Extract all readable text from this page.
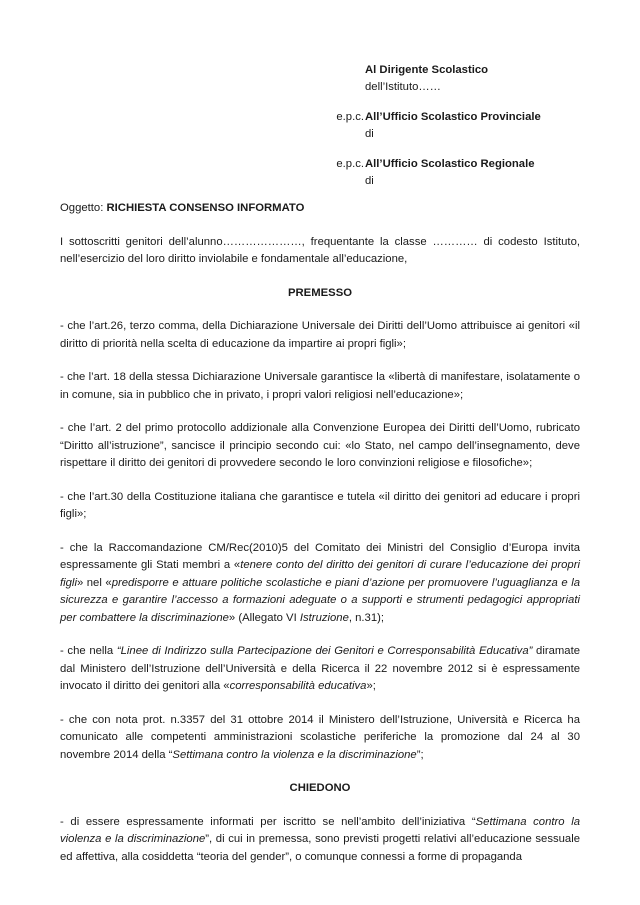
Al Dirigente Scolastico
dell’Istituto……
e.p.c. All’Ufficio Scolastico Provinciale
di
e.p.c. All’Ufficio Scolastico Regionale
di

Oggetto: RICHIESTA CONSENSO INFORMATO

I sottoscritti genitori dell’alunno…………………, frequentante la classe ………… di codesto Istituto, nell’esercizio del loro diritto inviolabile e fondamentale all’educazione,

PREMESSO

- che l’art.26, terzo comma, della Dichiarazione Universale dei Diritti dell’Uomo attribuisce ai genitori «il diritto di priorità nella scelta di educazione da impartire ai propri figli»;

- che l’art. 18 della stessa Dichiarazione Universale garantisce la «libertà di manifestare, isolatamente o in comune, sia in pubblico che in privato, i propri valori religiosi nell’educazione»;

- che l’art. 2 del primo protocollo addizionale alla Convenzione Europea dei Diritti dell’Uomo, rubricato “Diritto all’istruzione”, sancisce il principio secondo cui: «lo Stato, nel campo dell’insegnamento, deve rispettare il diritto dei genitori di provvedere secondo le loro convinzioni religiose e filosofiche»;

- che l’art.30 della Costituzione italiana che garantisce e tutela «il diritto dei genitori ad educare i propri figli»;

- che la Raccomandazione CM/Rec(2010)5 del Comitato dei Ministri del Consiglio d’Europa invita espressamente gli Stati membri a «tenere conto del diritto dei genitori di curare l’educazione dei propri figli» nel «predisporre e attuare politiche scolastiche e piani d’azione per promuovere l’uguaglianza e la sicurezza e garantire l’accesso a formazioni adeguate o a supporti e strumenti pedagogici appropriati per combattere la discriminazione» (Allegato VI Istruzione, n.31);

- che nella “Linee di Indirizzo sulla Partecipazione dei Genitori e Corresponsabilità Educativa” diramate dal Ministero dell’Istruzione dell’Università e della Ricerca il 22 novembre 2012 si è espressamente invocato il diritto dei genitori alla «corresponsabilità educativa»;

- che con nota prot. n.3357 del 31 ottobre 2014 il Ministero dell’Istruzione, Università e Ricerca ha comunicato alle competenti amministrazioni scolastiche periferiche la promozione dal 24 al 30 novembre 2014 della “Settimana contro la violenza e la discriminazione”;

CHIEDONO

- di essere espressamente informati per iscritto se nell’ambito dell’iniziativa “Settimana contro la violenza e la discriminazione”, di cui in premessa, sono previsti progetti relativi all’educazione sessuale ed affettiva, alla cosiddetta “teoria del gender”, o comunque connessi a forme di propaganda
